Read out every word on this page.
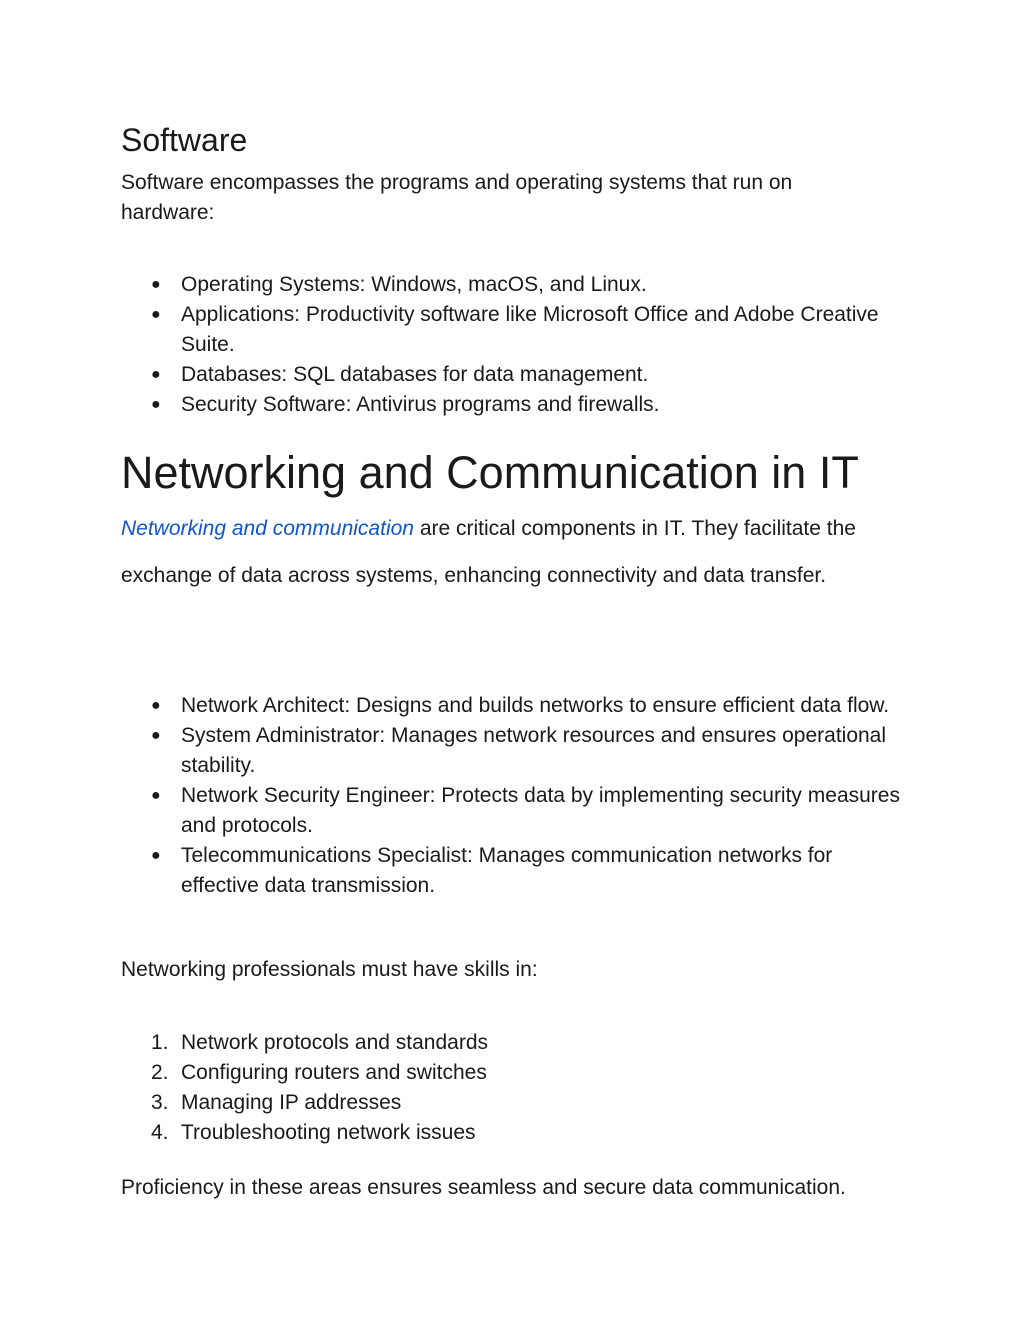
Software

Software encompasses the programs and operating systems that run on hardware:

● Operating Systems: Windows, macOS, and Linux.
● Applications: Productivity software like Microsoft Office and Adobe Creative Suite.
● Databases: SQL databases for data management.
● Security Software: Antivirus programs and firewalls.
Networking and Communication in IT

Networking and communication are critical components in IT. They facilitate the exchange of data across systems, enhancing connectivity and data transfer.

● Network Architect: Designs and builds networks to ensure efficient data flow.
● System Administrator: Manages network resources and ensures operational stability.
● Network Security Engineer: Protects data by implementing security measures and protocols.
● Telecommunications Specialist: Manages communication networks for effective data transmission.

Networking professionals must have skills in:

1. Network protocols and standards
2. Configuring routers and switches
3. Managing IP addresses
4. Troubleshooting network issues

Proficiency in these areas ensures seamless and secure data communication.
